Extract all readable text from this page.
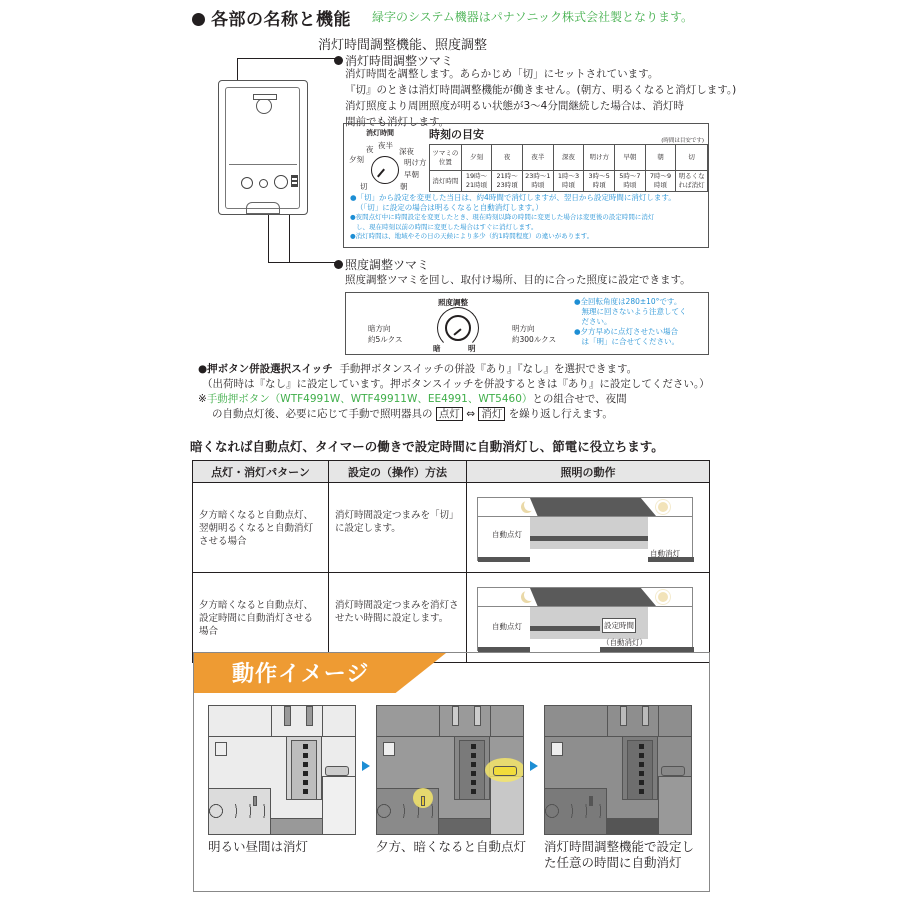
各部の名称と機能 緑字のシステム機器はパナソニック株式会社製となります。
消灯時間調整機能、照度調整
消灯時間調整ツマミ
消灯時間を調整します。あらかじめ「切」にセットされています。
『切』のときは消灯時間調整機能が働きません。(朝方、明るくなると消灯します。)
消灯照度より周囲照度が明るい状態が3～4分間継続した場合は、消灯時
間前でも消灯します。
消灯時間
夕刻
夜 夜半
深夜
明け方
早朝
朝
切
時刻の目安	(時間は目安です)
ツマミの位置	夕刻	夜	夜半	深夜	明け方	早朝	朝	切
消灯時間	19時～21時頃	21時～23時頃	23時～1時頃	1時～3時頃	3時～5時頃	5時～7時頃	7時～9時頃	明るくなれば消灯
●「切」から設定を変更した当日は、約4時間で消灯しますが、翌日から設定時間に消灯します。
（「切」に設定の場合は明るくなると自動消灯します。）
●夜間点灯中に時間設定を変更したとき、現在時刻以降の時間に変更した場合は変更後の設定時間に消灯
し、現在時刻以前の時間に変更した場合はすぐに消灯します。
●消灯時間は、地域やその日の天候により多少（約1時間程度）の違いがあります。
照度調整ツマミ
照度調整ツマミを回し、取付け場所、目的に合った照度に設定できます。
照度調整
暗方向
約5ルクス
明方向
約300ルクス
暗	明
●全回転角度は280±10°です。
　無理に回さないよう注意してく
　ださい。
●夕方早めに点灯させたい場合
　は「明」に合せてください。
●押ボタン併設選択スイッチ 手動押ボタンスイッチの併設『あり』『なし』を選択できます。
（出荷時は『なし』に設定しています。押ボタンスイッチを併設するときは『あり』に設定してください。）
※手動押ボタン（WTF4991W、WTF49911W、EE4991、WT5460）との組合せで、夜間
の自動点灯後、必要に応じて手動で照明器具の 点灯 ⇔ 消灯 を繰り返し行えます。
暗くなれば自動点灯、タイマーの働きで設定時間に自動消灯し、節電に役立ちます。
点灯・消灯パターン	設定の（操作）方法	照明の動作

夕方暗くなると自動点灯、翌朝明るくなると自動消灯させる場合	消灯時間設定つまみを「切」に設定します。	自動点灯
自動消灯

夕方暗くなると自動点灯、設定時間に自動消灯させる場合	消灯時間設定つまみを消灯させたい時間に設定します。	自動点灯 設定時間
（自動消灯）
動作イメージ
明るい昼間は消灯	夕方、暗くなると自動点灯 消灯時間調整機能で設定した任意の時間に自動消灯
